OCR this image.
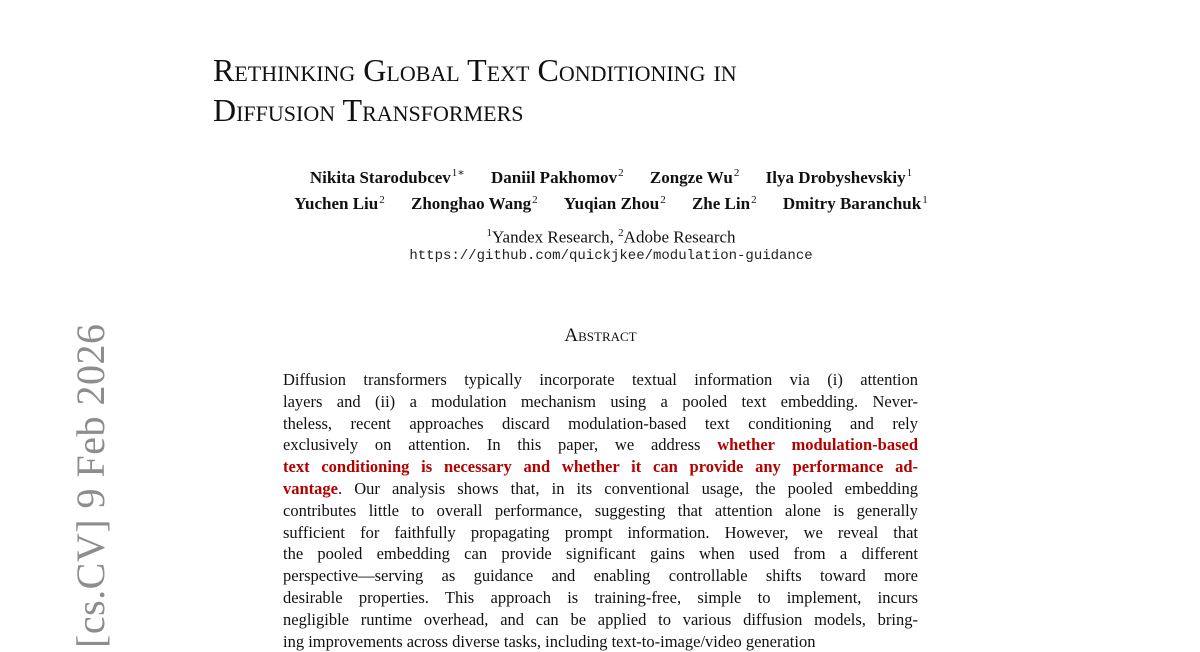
[cs.CV] 9 Feb 2026
Rethinking Global Text Conditioning in
Diffusion Transformers
Nikita Starodubcev$^{1∗}$ Daniil Pakhomov$^2$ Zongze Wu$^2$ Ilya Drobyshevskiy$^1$
Yuchen Liu$^2$ Zhonghao Wang$^2$ Yuqian Zhou$^2$ Zhe Lin$^2$ Dmitry Baranchuk$^1$
$^1$Yandex Research, $^2$Adobe Research
https://github.com/quickjkee/modulation-guidance
Abstract
Diffusion transformers typically incorporate textual information via (i) attention
layers and (ii) a modulation mechanism using a pooled text embedding. Never-
theless, recent approaches discard modulation-based text conditioning and rely
exclusively on attention. In this paper, we address whether modulation-based
text conditioning is necessary and whether it can provide any performance ad-
vantage. Our analysis shows that, in its conventional usage, the pooled embedding
contributes little to overall performance, suggesting that attention alone is generally
sufficient for faithfully propagating prompt information. However, we reveal that
the pooled embedding can provide significant gains when used from a different
perspective—serving as guidance and enabling controllable shifts toward more
desirable properties. This approach is training-free, simple to implement, incurs
negligible runtime overhead, and can be applied to various diffusion models, bring-
ing improvements across diverse tasks, including text-to-image/video generation
